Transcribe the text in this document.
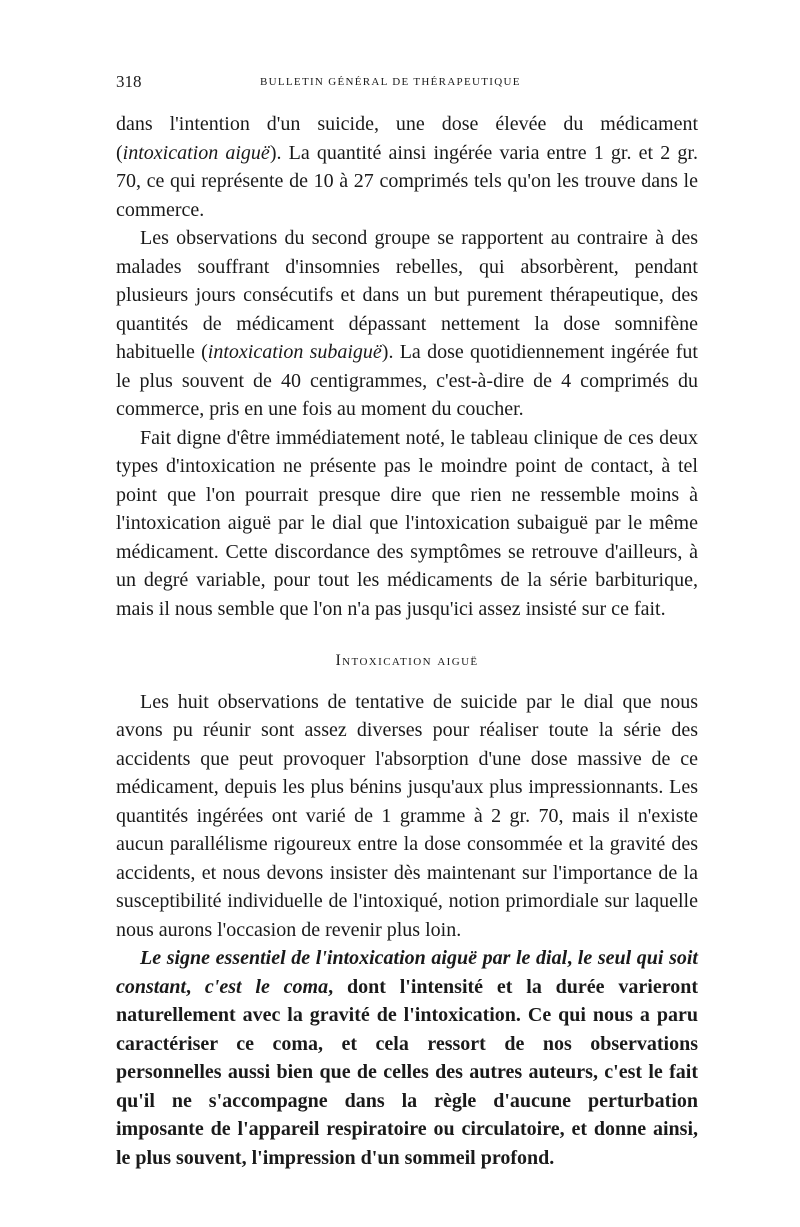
318	BULLETIN GÉNÉRAL DE THÉRAPEUTIQUE

dans l'intention d'un suicide, une dose élevée du médicament (intoxication aiguë). La quantité ainsi ingérée varia entre 1 gr. et 2 gr. 70, ce qui représente de 10 à 27 comprimés tels qu'on les trouve dans le commerce.

Les observations du second groupe se rapportent au contraire à des malades souffrant d'insomnies rebelles, qui absorbèrent, pendant plusieurs jours consécutifs et dans un but purement thérapeutique, des quantités de médicament dépassant nettement la dose somnifène habituelle (intoxication subaiguë). La dose quotidiennement ingérée fut le plus souvent de 40 centigrammes, c'est-à-dire de 4 comprimés du commerce, pris en une fois au moment du coucher.

Fait digne d'être immédiatement noté, le tableau clinique de ces deux types d'intoxication ne présente pas le moindre point de contact, à tel point que l'on pourrait presque dire que rien ne ressemble moins à l'intoxication aiguë par le dial que l'intoxication subaiguë par le même médicament. Cette discordance des symptômes se retrouve d'ailleurs, à un degré variable, pour tout les médicaments de la série barbiturique, mais il nous semble que l'on n'a pas jusqu'ici assez insisté sur ce fait.

Intoxication aiguë

Les huit observations de tentative de suicide par le dial que nous avons pu réunir sont assez diverses pour réaliser toute la série des accidents que peut provoquer l'absorption d'une dose massive de ce médicament, depuis les plus bénins jusqu'aux plus impressionnants. Les quantités ingérées ont varié de 1 gramme à 2 gr. 70, mais il n'existe aucun parallélisme rigoureux entre la dose consommée et la gravité des accidents, et nous devons insister dès maintenant sur l'importance de la susceptibilité individuelle de l'intoxiqué, notion primordiale sur laquelle nous aurons l'occasion de revenir plus loin.

Le signe essentiel de l'intoxication aiguë par le dial, le seul qui soit constant, c'est le coma, dont l'intensité et la durée varieront naturellement avec la gravité de l'intoxication. Ce qui nous a paru caractériser ce coma, et cela ressort de nos observations personnelles aussi bien que de celles des autres auteurs, c'est le fait qu'il ne s'accompagne dans la règle d'aucune perturbation imposante de l'appareil respiratoire ou circulatoire, et donne ainsi, le plus souvent, l'impression d'un sommeil profond.
